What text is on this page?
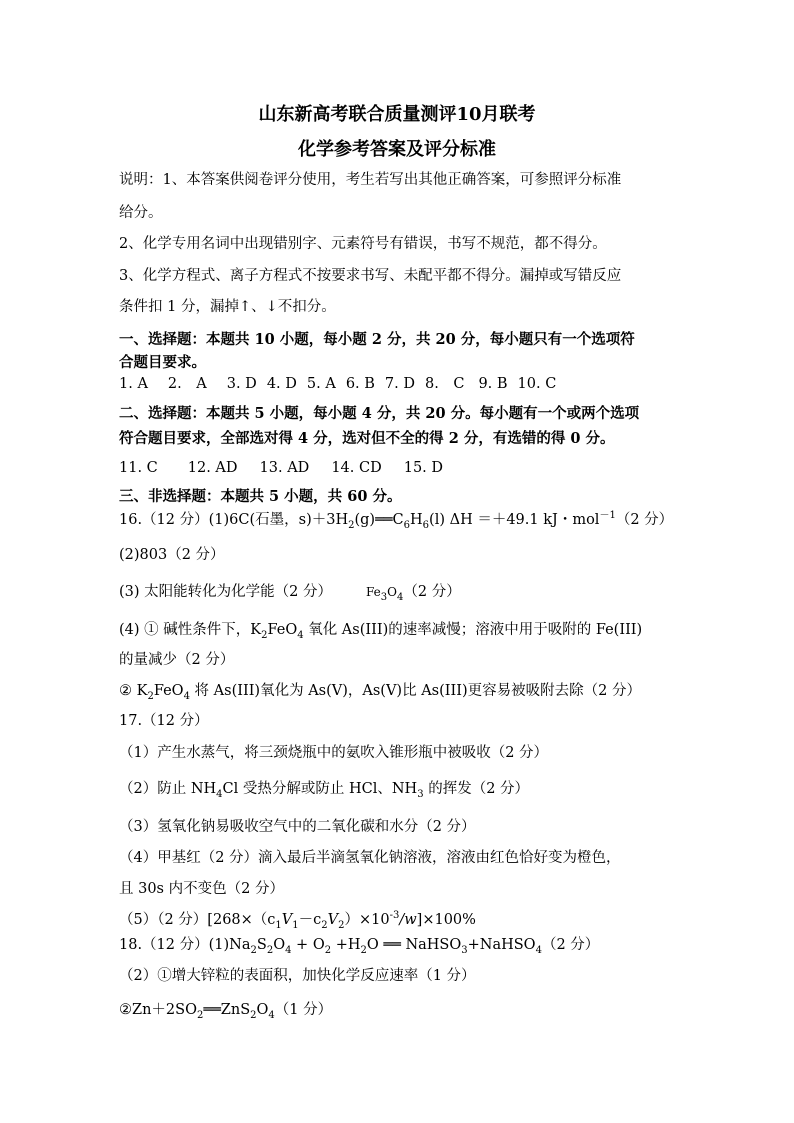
山东新高考联合质量测评10月联考
化学参考答案及评分标准
说明：1、本答案供阅卷评分使用，考生若写出其他正确答案，可参照评分标准
给分。
2、化学专用名词中出现错别字、元素符号有错误，书写不规范，都不得分。
3、化学方程式、离子方程式不按要求书写、未配平都不得分。漏掉或写错反应
条件扣 1 分，漏掉↑、↓不扣分。
一、选择题：本题共 10 小题，每小题 2 分，共 20 分，每小题只有一个选项符
合题目要求。
1. A 2.　A 3. D 4. D 5. A 6. B 7. D 8.　C 9. B 10. C
二、选择题：本题共 5 小题，每小题 4 分，共 20 分。每小题有一个或两个选项
符合题目要求，全部选对得 4 分，选对但不全的得 2 分，有选错的得 0 分。
11. C 12. AD 13. AD 14. CD 15. D
三、非选择题：本题共 5 小题，共 60 分。
16.（12 分）(1)6C(石墨，$s)+3H_2(g)══C_6H_6(l)$ ΔH ＝＋49.1 kJ・mol$^{-1}$（2 分）
(2)803（2 分）
(3) 太阳能转化为化学能（2 分）	$Fe_3O_4(2$ 分）
(4) ① 碱性条件下，$K_2FeO_4$ 氧化 As(III)的速率减慢；溶液中用于吸附的 Fe(III)
的量减少（2 分）
② $K_2FeO_4$ 将 As(III)氧化为 As(V)，As(V)比 As(III)更容易被吸附去除（2 分）
17.（12 分）
（1）产生水蒸气，将三颈烧瓶中的氨吹入锥形瓶中被吸收（2 分）
（2）防止 $NH_4Cl$ 受热分解或防止 HCl、$NH_3$ 的挥发（2 分）
（3）氢氧化钠易吸收空气中的二氧化碳和水分（2 分）
（4）甲基红（2 分）滴入最后半滴氢氧化钠溶液，溶液由红色恰好变为橙色，
且 30s 内不变色（2 分）
（5）（2 分）$[268\times(c_1V_1-c_2V_2)\times 10^{-3}/w]\times 100\%$
18.（12 分）$(1)Na_2S_2O_4 + O_2 +H_2O$ ══ NaHSO$_3$+NaHSO$_4$（2 分）
（2）①增大锌粒的表面积，加快化学反应速率（1 分）
$②Zn+2SO_2══ZnS_2O_4(1$ 分）
